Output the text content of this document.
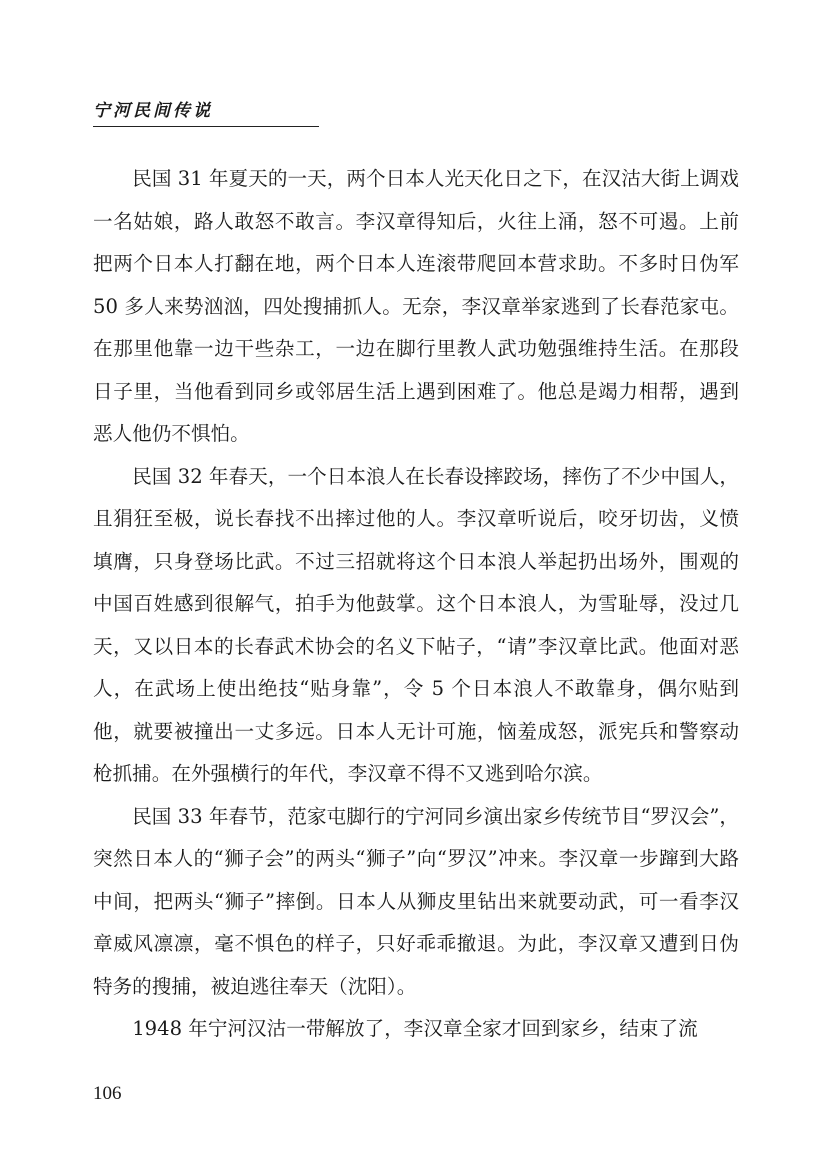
宁河民间传说

民国 31 年夏天的一天，两个日本人光天化日之下，在汉沽大街上调戏一名姑娘，路人敢怒不敢言。李汉章得知后，火往上涌，怒不可遏。上前把两个日本人打翻在地，两个日本人连滚带爬回本营求助。不多时日伪军 50 多人来势汹汹，四处搜捕抓人。无奈，李汉章举家逃到了长春范家屯。在那里他靠一边干些杂工，一边在脚行里教人武功勉强维持生活。在那段日子里，当他看到同乡或邻居生活上遇到困难了。他总是竭力相帮，遇到恶人他仍不惧怕。

民国 32 年春天，一个日本浪人在长春设摔跤场，摔伤了不少中国人，且狷狂至极，说长春找不出摔过他的人。李汉章听说后，咬牙切齿，义愤填膺，只身登场比武。不过三招就将这个日本浪人举起扔出场外，围观的中国百姓感到很解气，拍手为他鼓掌。这个日本浪人，为雪耻辱，没过几天，又以日本的长春武术协会的名义下帖子，“请”李汉章比武。他面对恶人，在武场上使出绝技“贴身靠”，令 5 个日本浪人不敢靠身，偶尔贴到他，就要被撞出一丈多远。日本人无计可施，恼羞成怒，派宪兵和警察动枪抓捕。在外强横行的年代，李汉章不得不又逃到哈尔滨。

民国 33 年春节，范家屯脚行的宁河同乡演出家乡传统节目“罗汉会”，突然日本人的“狮子会”的两头“狮子”向“罗汉”冲来。李汉章一步蹿到大路中间，把两头“狮子”摔倒。日本人从狮皮里钻出来就要动武，可一看李汉章威风凛凛，毫不惧色的样子，只好乖乖撤退。为此，李汉章又遭到日伪特务的搜捕，被迫逃往奉天（沈阳）。

1948 年宁河汉沽一带解放了，李汉章全家才回到家乡，结束了流

106
